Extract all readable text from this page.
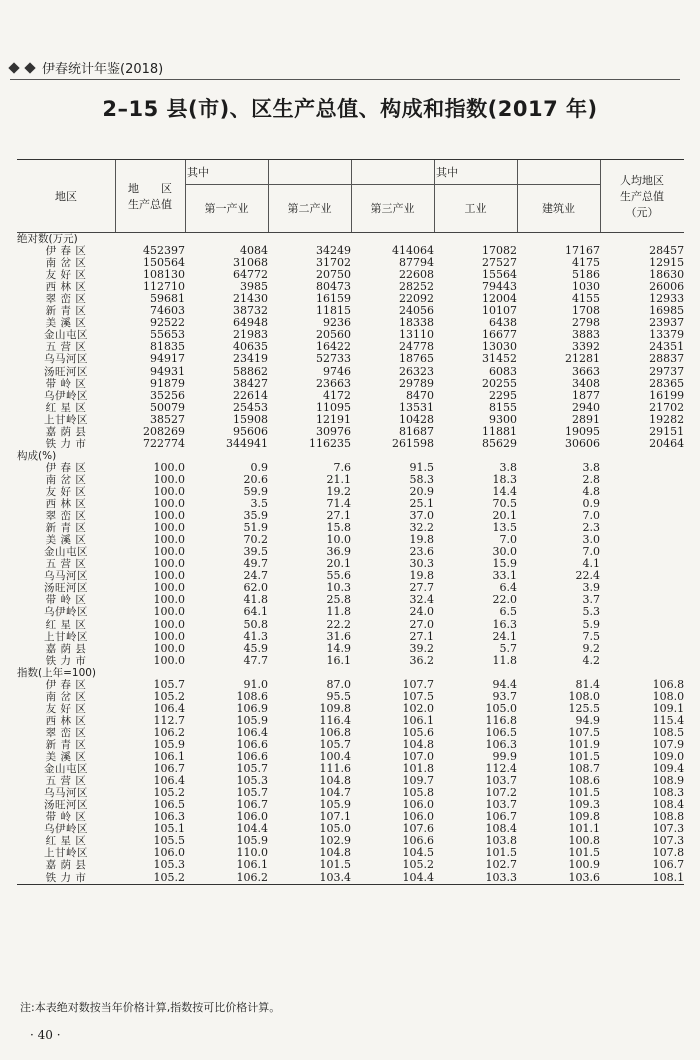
伊春统计年鉴(2018)
2–15 县(市)、区生产总值、构成和指数(2017 年)
地区
地　　区
生产总值
其中	其中
第一产业	第二产业	第三产业	工业	建筑业
人均地区
生产总值
（元）
绝对数(万元)							
伊 春 区	452397	4084	34249	414064	17082	17167	28457
南 岔 区	150564	31068	31702	87794	27527	4175	12915
友 好 区	108130	64772	20750	22608	15564	5186	18630
西 林 区	112710	3985	80473	28252	79443	1030	26006
翠 峦 区	59681	21430	16159	22092	12004	4155	12933
新 青 区	74603	38732	11815	24056	10107	1708	16985
美 溪 区	92522	64948	9236	18338	6438	2798	23937
金山屯区	55653	21983	20560	13110	16677	3883	13379
五 营 区	81835	40635	16422	24778	13030	3392	24351
乌马河区	94917	23419	52733	18765	31452	21281	28837
汤旺河区	94931	58862	9746	26323	6083	3663	29737
带 岭 区	91879	38427	23663	29789	20255	3408	28365
乌伊岭区	35256	22614	4172	8470	2295	1877	16199
红 星 区	50079	25453	11095	13531	8155	2940	21702
上甘岭区	38527	15908	12191	10428	9300	2891	19282
嘉 荫 县	208269	95606	30976	81687	11881	19095	29151
铁 力 市	722774	344941	116235	261598	85629	30606	20464
构成(%)							
伊 春 区	100.0	0.9	7.6	91.5	3.8	3.8	
南 岔 区	100.0	20.6	21.1	58.3	18.3	2.8	
友 好 区	100.0	59.9	19.2	20.9	14.4	4.8	
西 林 区	100.0	3.5	71.4	25.1	70.5	0.9	
翠 峦 区	100.0	35.9	27.1	37.0	20.1	7.0	
新 青 区	100.0	51.9	15.8	32.2	13.5	2.3	
美 溪 区	100.0	70.2	10.0	19.8	7.0	3.0	
金山屯区	100.0	39.5	36.9	23.6	30.0	7.0	
五 营 区	100.0	49.7	20.1	30.3	15.9	4.1	
乌马河区	100.0	24.7	55.6	19.8	33.1	22.4	
汤旺河区	100.0	62.0	10.3	27.7	6.4	3.9	
带 岭 区	100.0	41.8	25.8	32.4	22.0	3.7	
乌伊岭区	100.0	64.1	11.8	24.0	6.5	5.3	
红 星 区	100.0	50.8	22.2	27.0	16.3	5.9	
上甘岭区	100.0	41.3	31.6	27.1	24.1	7.5	
嘉 荫 县	100.0	45.9	14.9	39.2	5.7	9.2	
铁 力 市	100.0	47.7	16.1	36.2	11.8	4.2	
指数(上年=100)							
伊 春 区	105.7	91.0	87.0	107.7	94.4	81.4	106.8
南 岔 区	105.2	108.6	95.5	107.5	93.7	108.0	108.0
友 好 区	106.4	106.9	109.8	102.0	105.0	125.5	109.1
西 林 区	112.7	105.9	116.4	106.1	116.8	94.9	115.4
翠 峦 区	106.2	106.4	106.8	105.6	106.5	107.5	108.5
新 青 区	105.9	106.6	105.7	104.8	106.3	101.9	107.9
美 溪 区	106.1	106.6	100.4	107.0	99.9	101.5	109.0
金山屯区	106.7	105.7	111.6	101.8	112.4	108.7	109.4
五 营 区	106.4	105.3	104.8	109.7	103.7	108.6	108.9
乌马河区	105.2	105.7	104.7	105.8	107.2	101.5	108.3
汤旺河区	106.5	106.7	105.9	106.0	103.7	109.3	108.4
带 岭 区	106.3	106.0	107.1	106.0	106.7	109.8	108.8
乌伊岭区	105.1	104.4	105.0	107.6	108.4	101.1	107.3
红 星 区	105.5	105.9	102.9	106.6	103.8	100.8	107.3
上甘岭区	106.0	110.0	104.8	104.5	101.5	101.5	107.8
嘉 荫 县	105.3	106.1	101.5	105.2	102.7	100.9	106.7
铁 力 市	105.2	106.2	103.4	104.4	103.3	103.6	108.1
注:本表绝对数按当年价格计算,指数按可比价格计算。
· 40 ·
